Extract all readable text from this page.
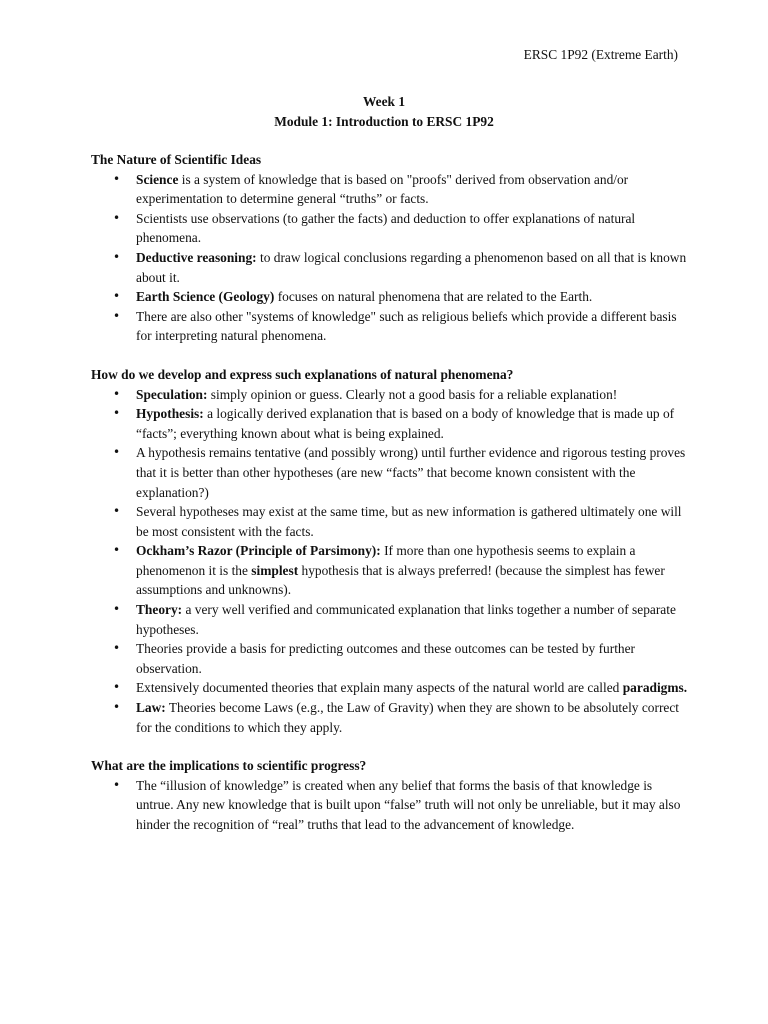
ERSC 1P92 (Extreme Earth)
Week 1
Module 1: Introduction to ERSC 1P92

The Nature of Scientific Ideas

• Science is a system of knowledge that is based on "proofs" derived from observation and/or experimentation to determine general “truths” or facts.
• Scientists use observations (to gather the facts) and deduction to offer explanations of natural phenomena.
• Deductive reasoning: to draw logical conclusions regarding a phenomenon based on all that is known about it.
• Earth Science (Geology) focuses on natural phenomena that are related to the Earth.
• There are also other "systems of knowledge" such as religious beliefs which provide a different basis for interpreting natural phenomena.

How do we develop and express such explanations of natural phenomena?

• Speculation: simply opinion or guess. Clearly not a good basis for a reliable explanation!
• Hypothesis: a logically derived explanation that is based on a body of knowledge that is made up of “facts”; everything known about what is being explained.
• A hypothesis remains tentative (and possibly wrong) until further evidence and rigorous testing proves that it is better than other hypotheses (are new “facts” that become known consistent with the explanation?)
• Several hypotheses may exist at the same time, but as new information is gathered ultimately one will be most consistent with the facts.
• Ockham’s Razor (Principle of Parsimony): If more than one hypothesis seems to explain a phenomenon it is the simplest hypothesis that is always preferred! (because the simplest has fewer assumptions and unknowns).
• Theory: a very well verified and communicated explanation that links together a number of separate hypotheses.
• Theories provide a basis for predicting outcomes and these outcomes can be tested by further observation.
• Extensively documented theories that explain many aspects of the natural world are called paradigms.
• Law: Theories become Laws (e.g., the Law of Gravity) when they are shown to be absolutely correct for the conditions to which they apply.

What are the implications to scientific progress?

• The “illusion of knowledge” is created when any belief that forms the basis of that knowledge is untrue. Any new knowledge that is built upon “false” truth will not only be unreliable, but it may also hinder the recognition of “real” truths that lead to the advancement of knowledge.
